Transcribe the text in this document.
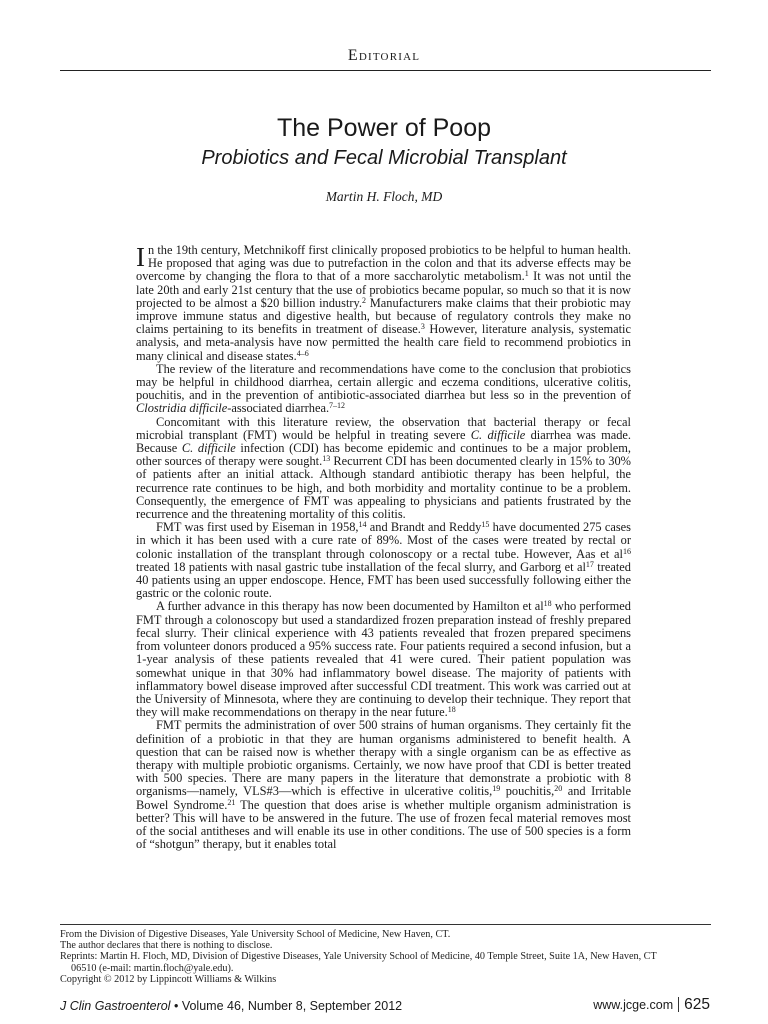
Editorial
The Power of Poop
Probiotics and Fecal Microbial Transplant
Martin H. Floch, MD

In the 19th century, Metchnikoff first clinically proposed probiotics to be helpful to human health. He proposed that aging was due to putrefaction in the colon and that its adverse effects may be overcome by changing the flora to that of a more saccharolytic metabolism.$^1$ It was not until the late 20th and early 21st century that the use of probiotics became popular, so much so that it is now projected to be almost a $20 billion industry.$^2$ Manufacturers make claims that their probiotic may improve immune status and digestive health, but because of regulatory controls they make no claims pertaining to its benefits in treatment of disease.$^3$ However, literature analysis, systematic analysis, and meta-analysis have now permitted the health care field to recommend probiotics in many clinical and disease states.$^{4-6}$

The review of the literature and recommendations have come to the conclusion that probiotics may be helpful in childhood diarrhea, certain allergic and eczema conditions, ulcerative colitis, pouchitis, and in the prevention of antibiotic-associated diarrhea but less so in the prevention of Clostridia difficile-associated diarrhea.$^{7-12}$

Concomitant with this literature review, the observation that bacterial therapy or fecal microbial transplant (FMT) would be helpful in treating severe C. difficile diarrhea was made. Because C. difficile infection (CDI) has become epidemic and continues to be a major problem, other sources of therapy were sought.$^{13}$ Recurrent CDI has been documented clearly in 15% to 30% of patients after an initial attack. Although standard antibiotic therapy has been helpful, the recurrence rate continues to be high, and both morbidity and mortality continue to be a problem. Consequently, the emergence of FMT was appealing to physicians and patients frustrated by the recurrence and the threatening mortality of this colitis.

FMT was first used by Eiseman in 1958,14 and Brandt and Reddy$^{15}$ have documented 275 cases in which it has been used with a cure rate of 89%. Most of the cases were treated by rectal or colonic installation of the transplant through colonoscopy or a rectal tube. However, Aas et $al^{16}$ treated 18 patients with nasal gastric tube installation of the fecal slurry, and Garborg et $al^{17}$ treated 40 patients using an upper endoscope. Hence, FMT has been used successfully following either the gastric or the colonic route.

A further advance in this therapy has now been documented by Hamilton et $al^{18}$ who performed FMT through a colonoscopy but used a standardized frozen preparation instead of freshly prepared fecal slurry. Their clinical experience with 43 patients revealed that frozen prepared specimens from volunteer donors produced a 95% success rate. Four patients required a second infusion, but a 1-year analysis of these patients revealed that 41 were cured. Their patient population was somewhat unique in that 30% had inflammatory bowel disease. The majority of patients with inflammatory bowel disease improved after successful CDI treatment. This work was carried out at the University of Minnesota, where they are continuing to develop their technique. They report that they will make recommendations on therapy in the near future.$^{18}$

FMT permits the administration of over 500 strains of human organisms. They certainly fit the definition of a probiotic in that they are human organisms administered to benefit health. A question that can be raised now is whether therapy with a single organism can be as effective as therapy with multiple probiotic organisms. Certainly, we now have proof that CDI is better treated with 500 species. There are many papers in the literature that demonstrate a probiotic with 8 organisms—namely, VLS#3—which is effective in ulcerative colitis,$^{19}$ pouchitis,$^{20}$ and Irritable Bowel Syndrome.$^{21}$ The question that does arise is whether multiple organism administration is better? This will have to be answered in the future. The use of frozen fecal material removes most of the social antitheses and will enable its use in other conditions. The use of 500 species is a form of “shotgun” therapy, but it enables total

From the Division of Digestive Diseases, Yale University School of Medicine, New Haven, CT.
The author declares that there is nothing to disclose.
Reprints: Martin H. Floch, MD, Division of Digestive Diseases, Yale University School of Medicine, 40 Temple Street, Suite 1A, New Haven, CT
06510 (e-mail: martin.floch@yale.edu).
Copyright © 2012 by Lippincott Williams & Wilkins
J Clin Gastroenterol • Volume 46, Number 8, September 2012	www.jcge.com 625
